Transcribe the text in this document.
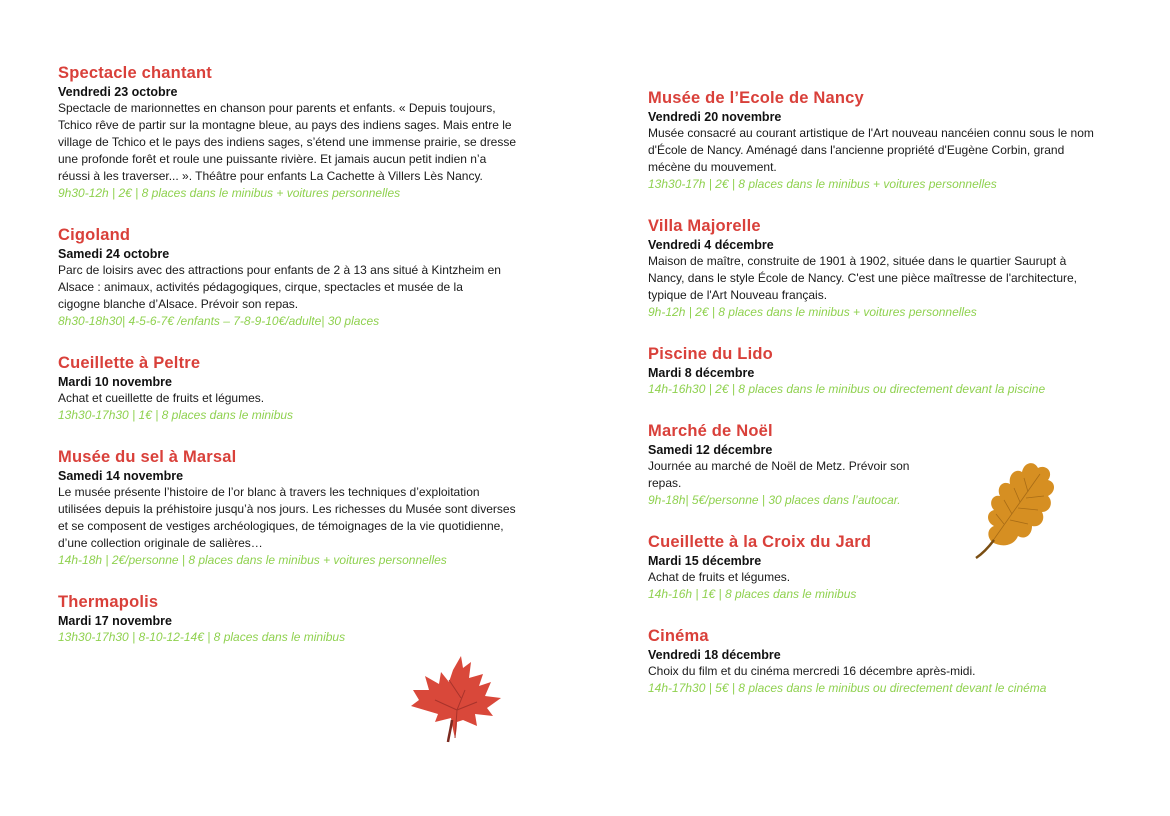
Spectacle chantant
Vendredi 23 octobre
Spectacle de marionnettes en chanson pour parents et enfants. « Depuis toujours, Tchico rêve de partir sur la montagne bleue, au pays des indiens sages. Mais entre le village de Tchico et le pays des indiens sages, s’étend une immense prairie, se dresse une profonde forêt et roule une puissante rivière. Et jamais aucun petit indien n’a réussi à les traverser... ». Théâtre pour enfants La Cachette à Villers Lès Nancy.
9h30-12h | 2€ | 8 places dans le minibus + voitures personnelles
Cigoland
Samedi 24 octobre
Parc de loisirs avec des attractions pour enfants de 2 à 13 ans situé à Kintzheim en Alsace : animaux, activités pédagogiques, cirque, spectacles et musée de la cigogne blanche d’Alsace. Prévoir son repas.
8h30-18h30| 4-5-6-7€ /enfants – 7-8-9-10€/adulte| 30 places
Cueillette à Peltre
Mardi 10 novembre
Achat et cueillette de fruits et légumes.
13h30-17h30 | 1€ | 8 places dans le minibus
Musée du sel à Marsal
Samedi 14 novembre
Le musée présente l’histoire de l’or blanc à travers les techniques d’exploitation utilisées depuis la préhistoire jusqu’à nos jours. Les richesses du Musée sont diverses et se composent de vestiges archéologiques, de témoignages de la vie quotidienne, d’une collection originale de salières…
14h-18h | 2€/personne | 8 places dans le minibus + voitures personnelles
Thermapolis
Mardi 17 novembre
13h30-17h30 | 8-10-12-14€ | 8 places dans le minibus
Musée de l’Ecole de Nancy
Vendredi 20 novembre
Musée consacré au courant artistique de l'Art nouveau nancéien connu sous le nom d'École de Nancy. Aménagé dans l'ancienne propriété d'Eugène Corbin, grand mécène du mouvement.
13h30-17h | 2€ | 8 places dans le minibus + voitures personnelles
Villa Majorelle
Vendredi 4 décembre
Maison de maître, construite de 1901 à 1902, située dans le quartier Saurupt à Nancy, dans le style École de Nancy. C'est une pièce maîtresse de l'architecture, typique de l'Art Nouveau français.
9h-12h | 2€ | 8 places dans le minibus + voitures personnelles
Piscine du Lido
Mardi 8 décembre
14h-16h30 | 2€ | 8 places dans le minibus ou directement devant la piscine
Marché de Noël
Samedi 12 décembre
Journée au marché de Noël de Metz. Prévoir son repas.
9h-18h| 5€/personne | 30 places dans l’autocar.
Cueillette à la Croix du Jard
Mardi 15 décembre
Achat de fruits et légumes.
14h-16h | 1€ | 8 places dans le minibus
Cinéma
Vendredi 18 décembre
Choix du film et du cinéma mercredi 16 décembre après-midi.
14h-17h30 | 5€ | 8 places dans le minibus ou directement devant le cinéma
